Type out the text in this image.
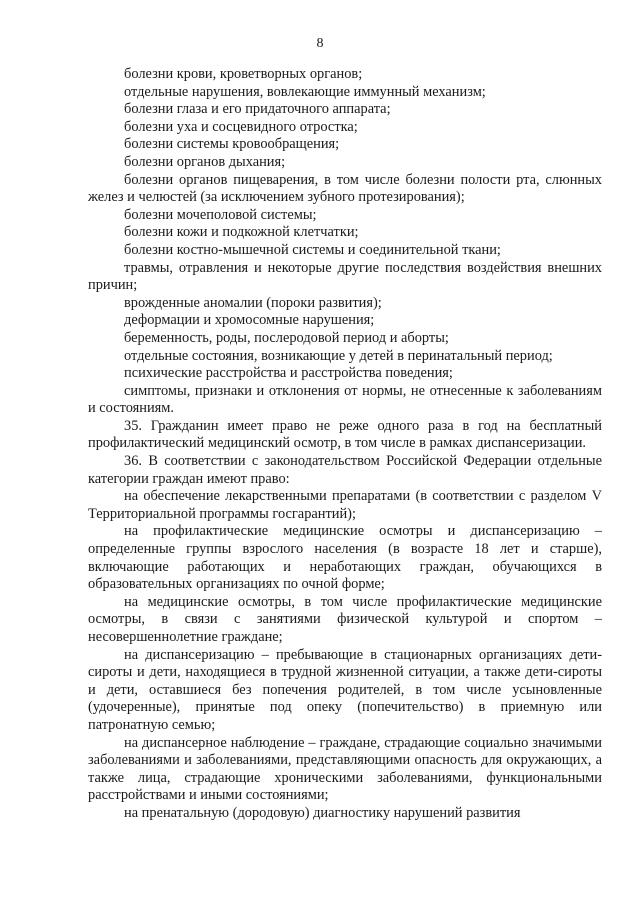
8

болезни крови, кроветворных органов;

отдельные нарушения, вовлекающие иммунный механизм;

болезни глаза и его придаточного аппарата;

болезни уха и сосцевидного отростка;

болезни системы кровообращения;

болезни органов дыхания;

болезни органов пищеварения, в том числе болезни полости рта, слюнных желез и челюстей (за исключением зубного протезирования);

болезни мочеполовой системы;

болезни кожи и подкожной клетчатки;

болезни костно-мышечной системы и соединительной ткани;

травмы, отравления и некоторые другие последствия воздействия внешних причин;

врожденные аномалии (пороки развития);

деформации и хромосомные нарушения;

беременность, роды, послеродовой период и аборты;

отдельные состояния, возникающие у детей в перинатальный период;

психические расстройства и расстройства поведения;

симптомы, признаки и отклонения от нормы, не отнесенные к заболеваниям и состояниям.

35. Гражданин имеет право не реже одного раза в год на бесплатный профилактический медицинский осмотр, в том числе в рамках диспансеризации.

36. В соответствии с законодательством Российской Федерации отдельные категории граждан имеют право:

на обеспечение лекарственными препаратами (в соответствии с разделом V Территориальной программы госгарантий);

на профилактические медицинские осмотры и диспансеризацию – определенные группы взрослого населения (в возрасте 18 лет и старше), включающие работающих и неработающих граждан, обучающихся в образовательных организациях по очной форме;

на медицинские осмотры, в том числе профилактические медицинские осмотры, в связи с занятиями физической культурой и спортом – несовершеннолетние граждане;

на диспансеризацию – пребывающие в стационарных организациях дети-сироты и дети, находящиеся в трудной жизненной ситуации, а также дети-сироты и дети, оставшиеся без попечения родителей, в том числе усыновленные (удочеренные), принятые под опеку (попечительство) в приемную или патронатную семью;

на диспансерное наблюдение – граждане, страдающие социально значимыми заболеваниями и заболеваниями, представляющими опасность для окружающих, а также лица, страдающие хроническими заболеваниями, функциональными расстройствами и иными состояниями;

на пренатальную (дородовую) диагностику нарушений развития
